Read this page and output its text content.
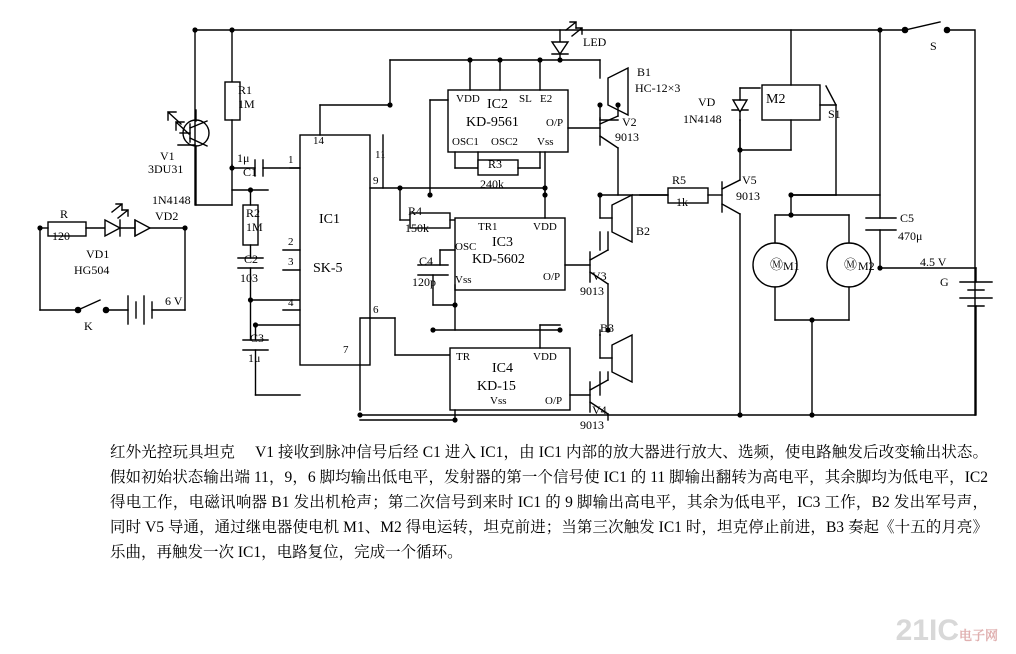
R1
1M
V1
3DU31
1μ
C1
R2
1M
C2
103
C3
1μ
IC1
SK-5
14
1
2
3
4
11
9
6
7
LED
B1
HC-12×3
VDD	SL E2
IC2
KD-9561
OSC1 OSC2 Vss
O/P
R3
240k
V2
9013
R4
150k	TR1	VDD
IC3
KD-5602
OSC
Vss	O/P
C4
120p
B2
V3
9013
B3
TR	VDD
IC4
KD-15
Vss	O/P
V4
9013
R5
1k
V5
9013
VD
1N4148
M2
S1
S
M1	M2
Ⓜ	Ⓜ
C5
470μ
4.5 V
G
R
120
1N4148
VD2
VD1
HG504
K
6 V

红外光控玩具坦克 V1 接收到脉冲信号后经 C1 进入 IC1，由 IC1 内部的放大器进行放大、选频，使电路触发后改变输出状态。假如初始状态输出端 11，9，6 脚均输出低电平，发射器的第一个信号使 IC1 的 11 脚输出翻转为高电平，其余脚均为低电平，IC2 得电工作，电磁讯响器 B1 发出机枪声；第二次信号到来时 IC1 的 9 脚输出高电平，其余为低电平，IC3 工作，B2 发出军号声，同时 V5 导通，通过继电器使电机 M1、M2 得电运转，坦克前进；当第三次触发 IC1 时，坦克停止前进，B3 奏起《十五的月亮》乐曲，再触发一次 IC1，电路复位，完成一个循环。

21IC电子网
